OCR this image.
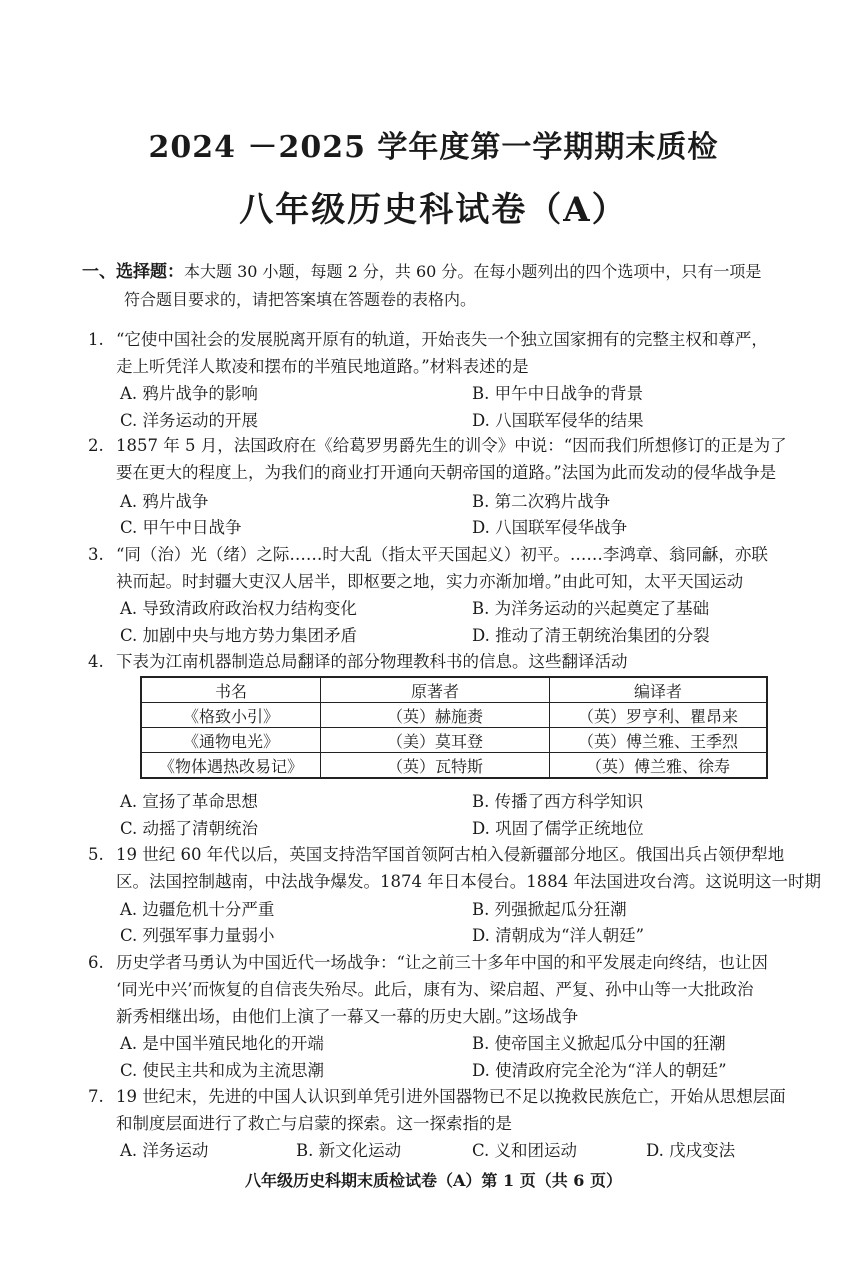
2024 －2025 学年度第一学期期末质检
八年级历史科试卷（A）
一、选择题：本大题 30 小题，每题 2 分，共 60 分。在每小题列出的四个选项中，只有一项是
符合题目要求的，请把答案填在答题卷的表格内。
1. “它使中国社会的发展脱离开原有的轨道，开始丧失一个独立国家拥有的完整主权和尊严，
走上听凭洋人欺凌和摆布的半殖民地道路。”材料表述的是
A. 鸦片战争的影响	B. 甲午中日战争的背景
C. 洋务运动的开展	D. 八国联军侵华的结果
2. 1857 年 5 月，法国政府在《给葛罗男爵先生的训令》中说：“因而我们所想修订的正是为了
要在更大的程度上，为我们的商业打开通向天朝帝国的道路。”法国为此而发动的侵华战争是
A. 鸦片战争	B. 第二次鸦片战争
C. 甲午中日战争	D. 八国联军侵华战争
3. “同（治）光（绪）之际……时大乱（指太平天国起义）初平。……李鸿章、翁同龢，亦联
袂而起。时封疆大吏汉人居半，即枢要之地，实力亦渐加增。”由此可知，太平天国运动
A. 导致清政府政治权力结构变化	B. 为洋务运动的兴起奠定了基础
C. 加剧中央与地方势力集团矛盾	D. 推动了清王朝统治集团的分裂
4. 下表为江南机器制造总局翻译的部分物理教科书的信息。这些翻译活动
书名	原著者	编译者
《格致小引》	（英）赫施赉	（英）罗亨利、瞿昂来
《通物电光》	（美）莫耳登	（英）傅兰雅、王季烈
《物体遇热改易记》	（英）瓦特斯	（英）傅兰雅、徐寿
A. 宣扬了革命思想	B. 传播了西方科学知识
C. 动摇了清朝统治	D. 巩固了儒学正统地位
5. 19 世纪 60 年代以后，英国支持浩罕国首领阿古柏入侵新疆部分地区。俄国出兵占领伊犁地
区。法国控制越南，中法战争爆发。1874 年日本侵台。1884 年法国进攻台湾。这说明这一时期
A. 边疆危机十分严重	B. 列强掀起瓜分狂潮
C. 列强军事力量弱小	D. 清朝成为“洋人朝廷”
6. 历史学者马勇认为中国近代一场战争：“让之前三十多年中国的和平发展走向终结，也让因
‘同光中兴’而恢复的自信丧失殆尽。此后，康有为、梁启超、严复、孙中山等一大批政治
新秀相继出场，由他们上演了一幕又一幕的历史大剧。”这场战争
A. 是中国半殖民地化的开端	B. 使帝国主义掀起瓜分中国的狂潮
C. 使民主共和成为主流思潮	D. 使清政府完全沦为“洋人的朝廷”
7. 19 世纪末，先进的中国人认识到单凭引进外国器物已不足以挽救民族危亡，开始从思想层面
和制度层面进行了救亡与启蒙的探索。这一探索指的是
A. 洋务运动	B. 新文化运动	C. 义和团运动	D. 戊戌变法
八年级历史科期末质检试卷（A）第 1 页（共 6 页）
